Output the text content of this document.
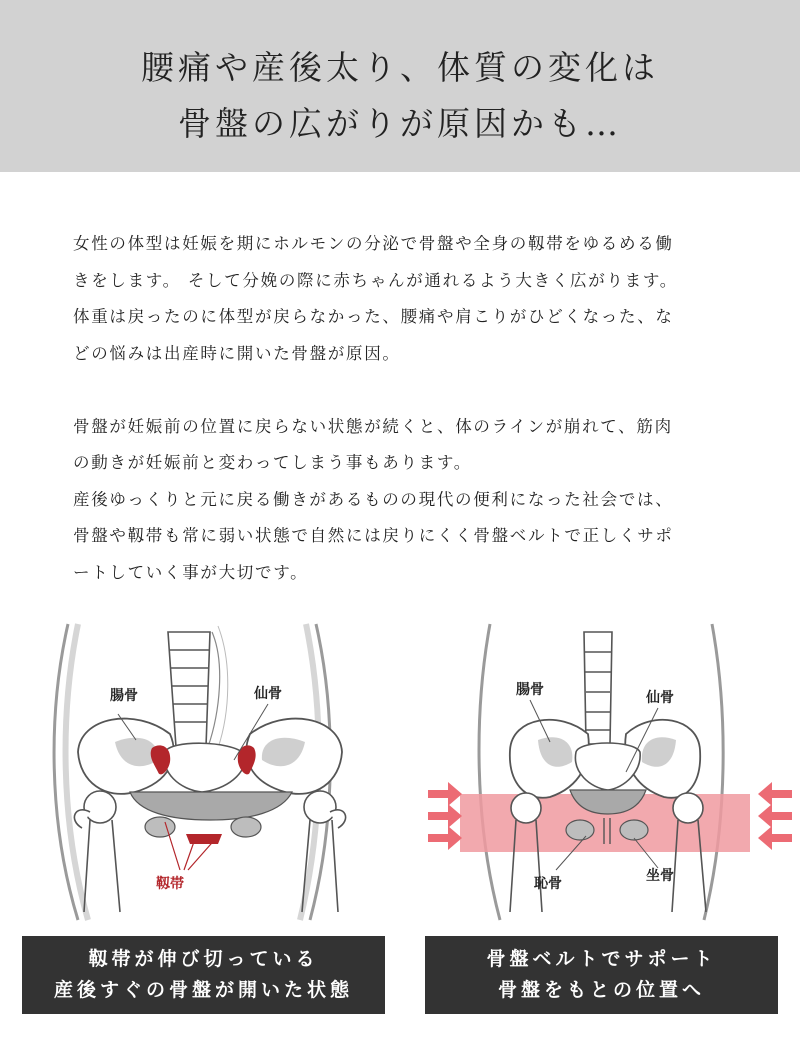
腰痛や産後太り、体質の変化は
骨盤の広がりが原因かも…

女性の体型は妊娠を期にホルモンの分泌で骨盤や全身の靱帯をゆるめる働

きをします。 そして分娩の際に赤ちゃんが通れるよう大きく広がります。

体重は戻ったのに体型が戻らなかった、腰痛や肩こりがひどくなった、な

どの悩みは出産時に開いた骨盤が原因。

骨盤が妊娠前の位置に戻らない状態が続くと、体のラインが崩れて、筋肉

の動きが妊娠前と変わってしまう事もあります。

産後ゆっくりと元に戻る働きがあるものの現代の便利になった社会では、

骨盤や靱帯も常に弱い状態で自然には戻りにくく骨盤ベルトで正しくサポ

ートしていく事が大切です。

腸骨	仙骨
靱帯
腸骨	仙骨
恥骨	坐骨
靱帯が伸び切っている
産後すぐの骨盤が開いた状態
骨盤ベルトでサポート
骨盤をもとの位置へ
